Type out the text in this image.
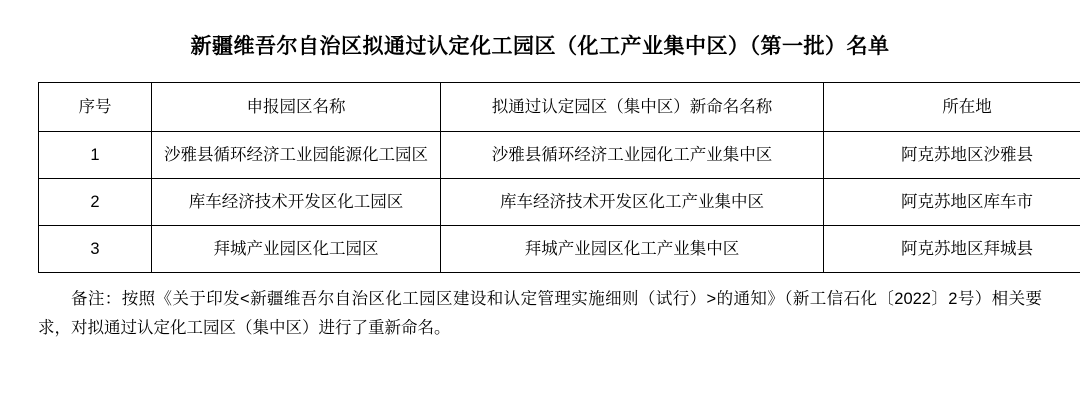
新疆维吾尔自治区拟通过认定化工园区（化工产业集中区）（第一批）名单
序号	申报园区名称	拟通过认定园区（集中区）新命名名称	所在地
1	沙雅县循环经济工业园能源化工园区	沙雅县循环经济工业园化工产业集中区	阿克苏地区沙雅县
2	库车经济技术开发区化工园区	库车经济技术开发区化工产业集中区	阿克苏地区库车市
3	拜城产业园区化工园区	拜城产业园区化工产业集中区	阿克苏地区拜城县
备注：按照《关于印发<新疆维吾尔自治区化工园区建设和认定管理实施细则（试行）>的通知》（新工信石化〔2022〕2号）相关要求，对拟通过认定化工园区（集中区）进行了重新命名。
